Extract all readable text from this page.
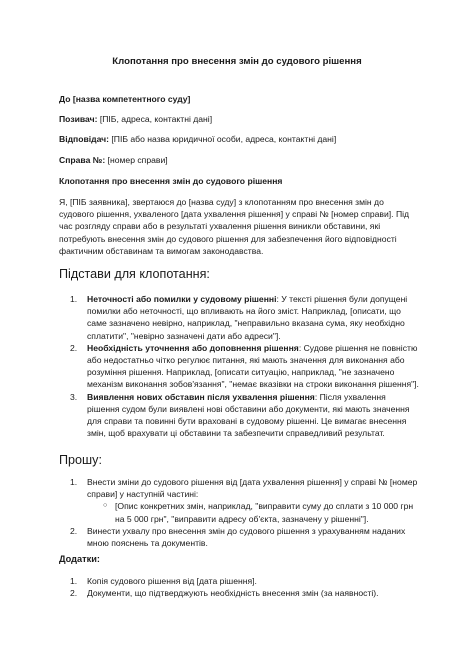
Клопотання про внесення змін до судового рішення
До [назва компетентного суду]
Позивач: [ПІБ, адреса, контактні дані]
Відповідач: [ПІБ або назва юридичної особи, адреса, контактні дані]
Справа №: [номер справи]
Клопотання про внесення змін до судового рішення
Я, [ПІБ заявника], звертаюся до [назва суду] з клопотанням про внесення змін до судового рішення, ухваленого [дата ухвалення рішення] у справі № [номер справи]. Під час розгляду справи або в результаті ухвалення рішення виникли обставини, які потребують внесення змін до судового рішення для забезпечення його відповідності фактичним обставинам та вимогам законодавства.
Підстави для клопотання:
1. Неточності або помилки у судовому рішенні: У тексті рішення були допущені помилки або неточності, що впливають на його зміст. Наприклад, [описати, що саме зазначено невірно, наприклад, "неправильно вказана сума, яку необхідно сплатити", "невірно зазначені дати або адреси"].
2. Необхідність уточнення або доповнення рішення: Судове рішення не повністю або недостатньо чітко регулює питання, які мають значення для виконання або розуміння рішення. Наприклад, [описати ситуацію, наприклад, "не зазначено механізм виконання зобов'язання", "немає вказівки на строки виконання рішення"].
3. Виявлення нових обставин після ухвалення рішення: Після ухвалення рішення судом були виявлені нові обставини або документи, які мають значення для справи та повинні бути враховані в судовому рішенні. Це вимагає внесення змін, щоб врахувати ці обставини та забезпечити справедливий результат.
Прошу:
1. Внести зміни до судового рішення від [дата ухвалення рішення] у справі № [номер справи] у наступній частині:
○ [Опис конкретних змін, наприклад, "виправити суму до сплати з 10 000 грн на 5 000 грн", "виправити адресу об'єкта, зазначену у рішенні"].
2. Винести ухвалу про внесення змін до судового рішення з урахуванням наданих мною пояснень та документів.
Додатки:
1. Копія судового рішення від [дата рішення].
2. Документи, що підтверджують необхідність внесення змін (за наявності).
